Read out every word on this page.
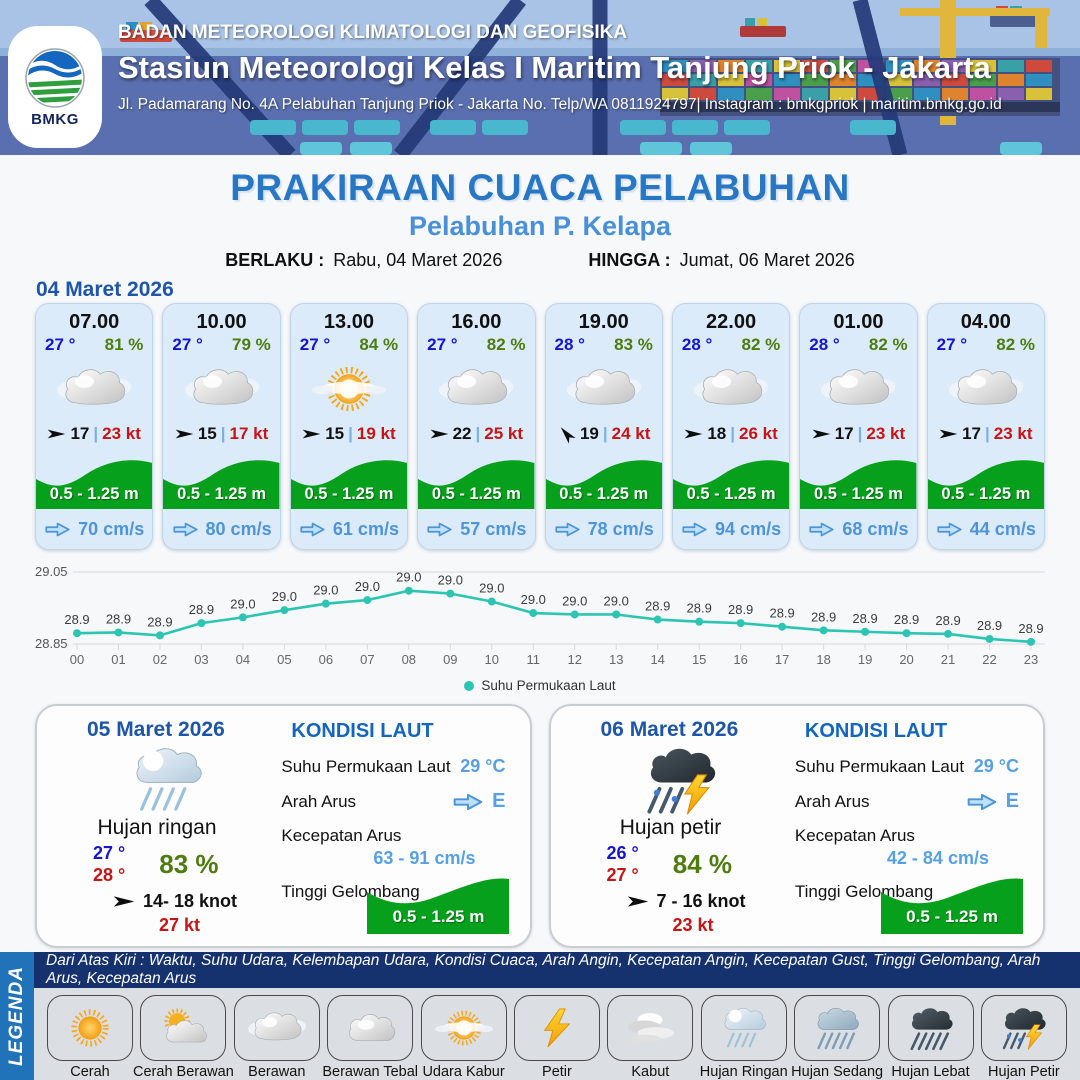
BMKG
BADAN METEOROLOGI KLIMATOLOGI DAN GEOFISIKA
Stasiun Meteorologi Kelas I Maritim Tanjung Priok - Jakarta
Jl. Padamarang No. 4A Pelabuhan Tanjung Priok - Jakarta No. Telp/WA 0811924797| Instagram : bmkgpriok | maritim.bmkg.go.id
PRAKIRAAN CUACA PELABUHAN
Pelabuhan P. Kelapa
BERLAKU : Rabu, 04 Maret 2026	HINGGA : Jumat, 06 Maret 2026
04 Maret 2026
07.00
27 ° 81 %
17 | 23 kt
0.5 - 1.25 m
70 cm/s
10.00
27 ° 79 %
15 | 17 kt
0.5 - 1.25 m
80 cm/s
13.00
27 ° 84 %
15 | 19 kt
0.5 - 1.25 m
61 cm/s
16.00
27 ° 82 %
22 | 25 kt
0.5 - 1.25 m
57 cm/s
19.00
28 ° 83 %
19 | 24 kt
0.5 - 1.25 m
78 cm/s
22.00
28 ° 82 %
18 | 26 kt
0.5 - 1.25 m
94 cm/s
01.00
28 ° 82 %
17 | 23 kt
0.5 - 1.25 m
68 cm/s
04.00
27 ° 82 %
17 | 23 kt
0.5 - 1.25 m
44 cm/s
29.05
28.85
00 01 02 03 04 05 06 07 08 09 10 11 12 13 14 15 16 17 18 19 20 21 22 23
28.9 28.9 28.9
28.9 29.0 29.0 29.0 29.0
29.0 29.0
29.0
29.0 29.0 29.0 28.9 28.9 28.9 28.9 28.9 28.9 28.9 28.9 28.9 28.9
Suhu Permukaan Laut
05 Maret 2026
Hujan ringan
27 °
28 ° 83 %
14- 18 knot
27 kt
KONDISI LAUT
Suhu Permukaan Laut 29 °C
Arah Arus	E
Kecepatan Arus
63 - 91 cm/s
Tinggi Gelombang
0.5 - 1.25 m
06 Maret 2026
Hujan petir
26 °
27 ° 84 %
7 - 16 knot
23 kt
KONDISI LAUT
Suhu Permukaan Laut 29 °C
Arah Arus	E
Kecepatan Arus
42 - 84 cm/s
Tinggi Gelombang
0.5 - 1.25 m
LEGENDA
Dari Atas Kiri : Waktu, Suhu Udara, Kelembapan Udara, Kondisi Cuaca, Arah Angin, Kecepatan Angin, Kecepatan Gust, Tinggi Gelombang, Arah Arus, Kecepatan Arus
Cerah Cerah Berawan Berawan Berawan Tebal Udara Kabur	Petir	Kabut Hujan Ringan Hujan Sedang Hujan Lebat Hujan Petir
